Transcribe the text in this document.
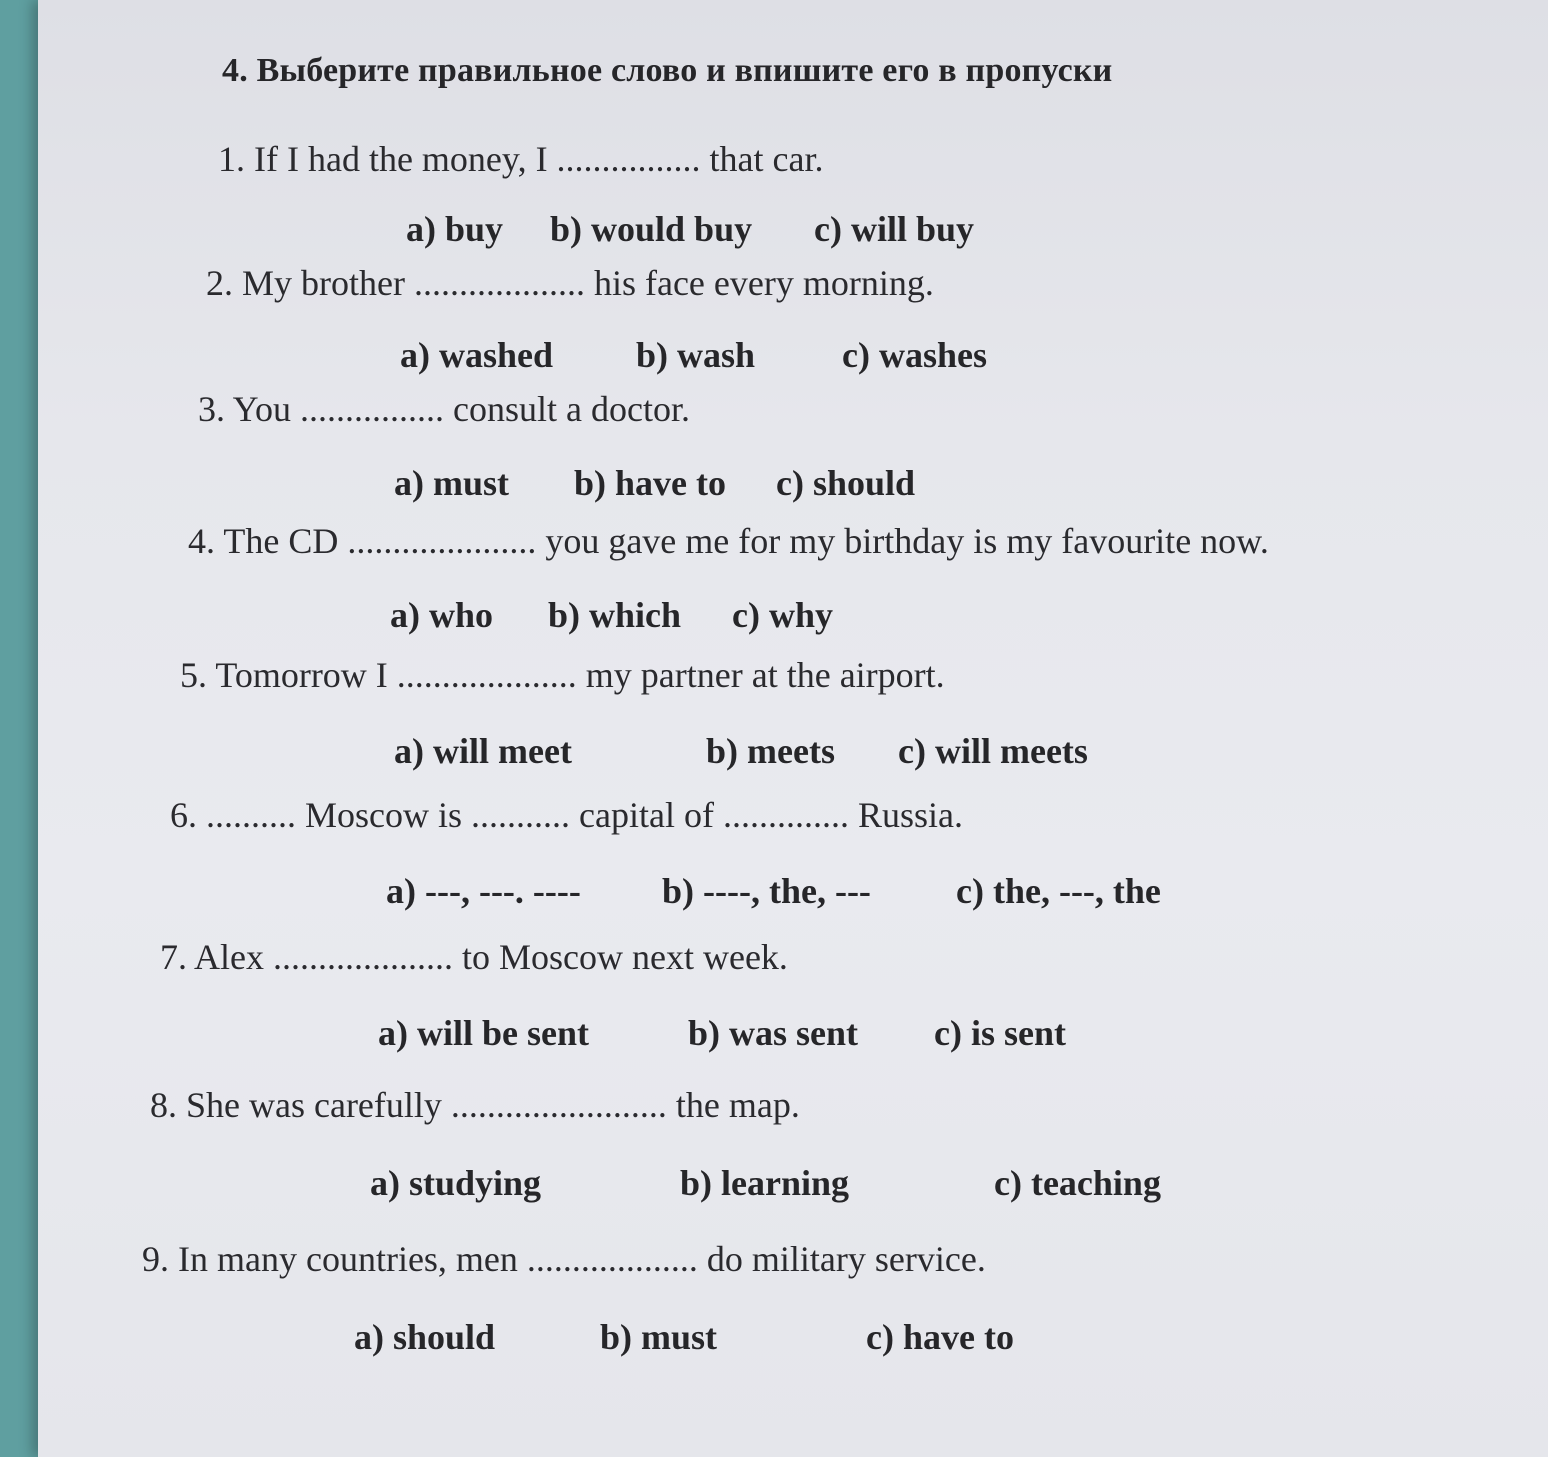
4. Выберите правильное слово и впишите его в пропуски
1. If I had the money, I ................ that car.
a) buy b) would buy c) will buy
2. My brother ................... his face every morning.
a) washed b) wash c) washes
3. You ................ consult a doctor.
a) must b) have to c) should
4. The CD ..................... you gave me for my birthday is my favourite now.
a) who b) which c) why
5. Tomorrow I .................... my partner at the airport.
a) will meet	b) meets c) will meets
6. .......... Moscow is ........... capital of .............. Russia.
a) ---, ---. ---- b) ----, the, --- c) the, ---, the
7. Alex .................... to Moscow next week.
a) will be sent	b) was sent c) is sent
8. She was carefully ........................ the map.
a) studying	b) learning	c) teaching
9. In many countries, men ................... do military service.
a) should	b) must	c) have to
